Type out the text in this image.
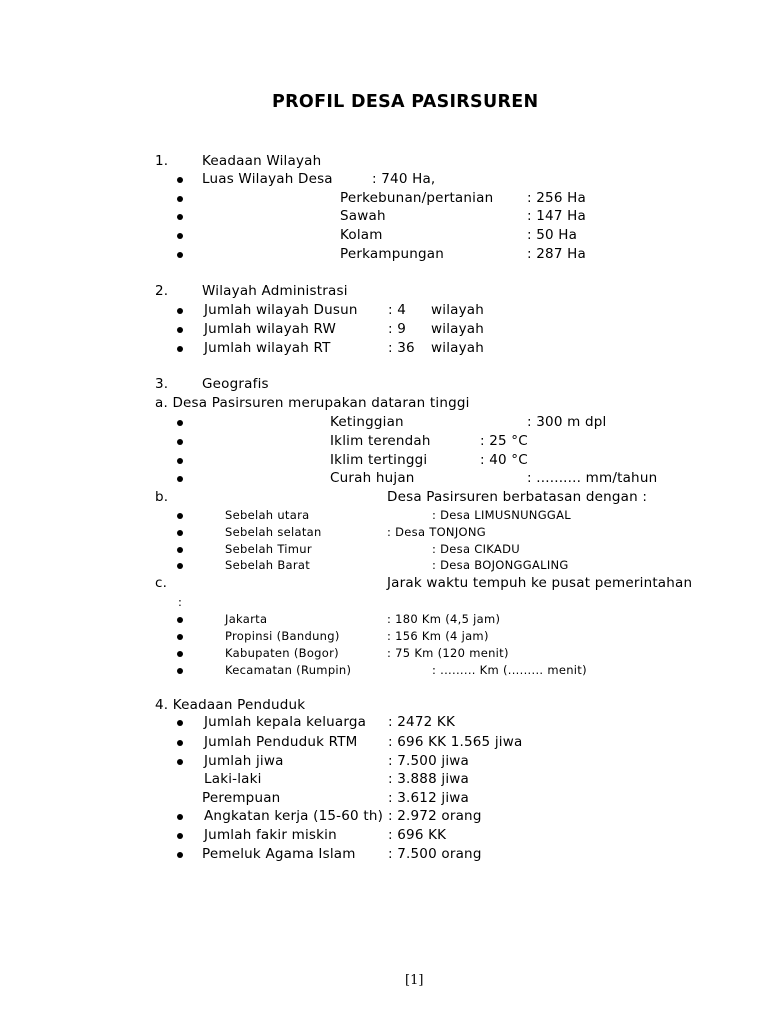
PROFIL DESA PASIRSUREN
1. Keadaan Wilayah
Luas Wilayah Desa	: 740 Ha,
Perkebunan/pertanian : 256 Ha
Sawah	: 147 Ha
Kolam	: 50 Ha
Perkampungan	: 287 Ha
2. Wilayah Administrasi
Jumlah wilayah Dusun : 4 wilayah
Jumlah wilayah RW	: 9 wilayah
Jumlah wilayah RT	: 36 wilayah
3. Geografis
a. Desa Pasirsuren merupakan dataran tinggi
Ketinggian	: 300 m dpl
Iklim terendah	: 25 °C
Iklim tertinggi	: 40 °C
Curah hujan	: .......... mm/tahun
b.	Desa Pasirsuren berbatasan dengan :
Sebelah utara	: Desa LIMUSNUNGGAL
Sebelah selatan	: Desa TONJONG
Sebelah Timur	: Desa CIKADU
Sebelah Barat	: Desa BOJONGGALING
c.	Jarak waktu tempuh ke pusat pemerintahan
:
Jakarta	: 180 Km (4,5 jam)
Propinsi (Bandung)	: 156 Km (4 jam)
Kabupaten (Bogor)	: 75 Km (120 menit)
Kecamatan (Rumpin)	: ......... Km (......... menit)
4. Keadaan Penduduk
Jumlah kepala keluarga : 2472 KK
Jumlah Penduduk RTM : 696 KK 1.565 jiwa
Jumlah jiwa	: 7.500 jiwa
Laki-laki	: 3.888 jiwa
Perempuan	: 3.612 jiwa
Angkatan kerja (15-60 th) : 2.972 orang
Jumlah fakir miskin	: 696 KK
Pemeluk Agama Islam : 7.500 orang
[1]
